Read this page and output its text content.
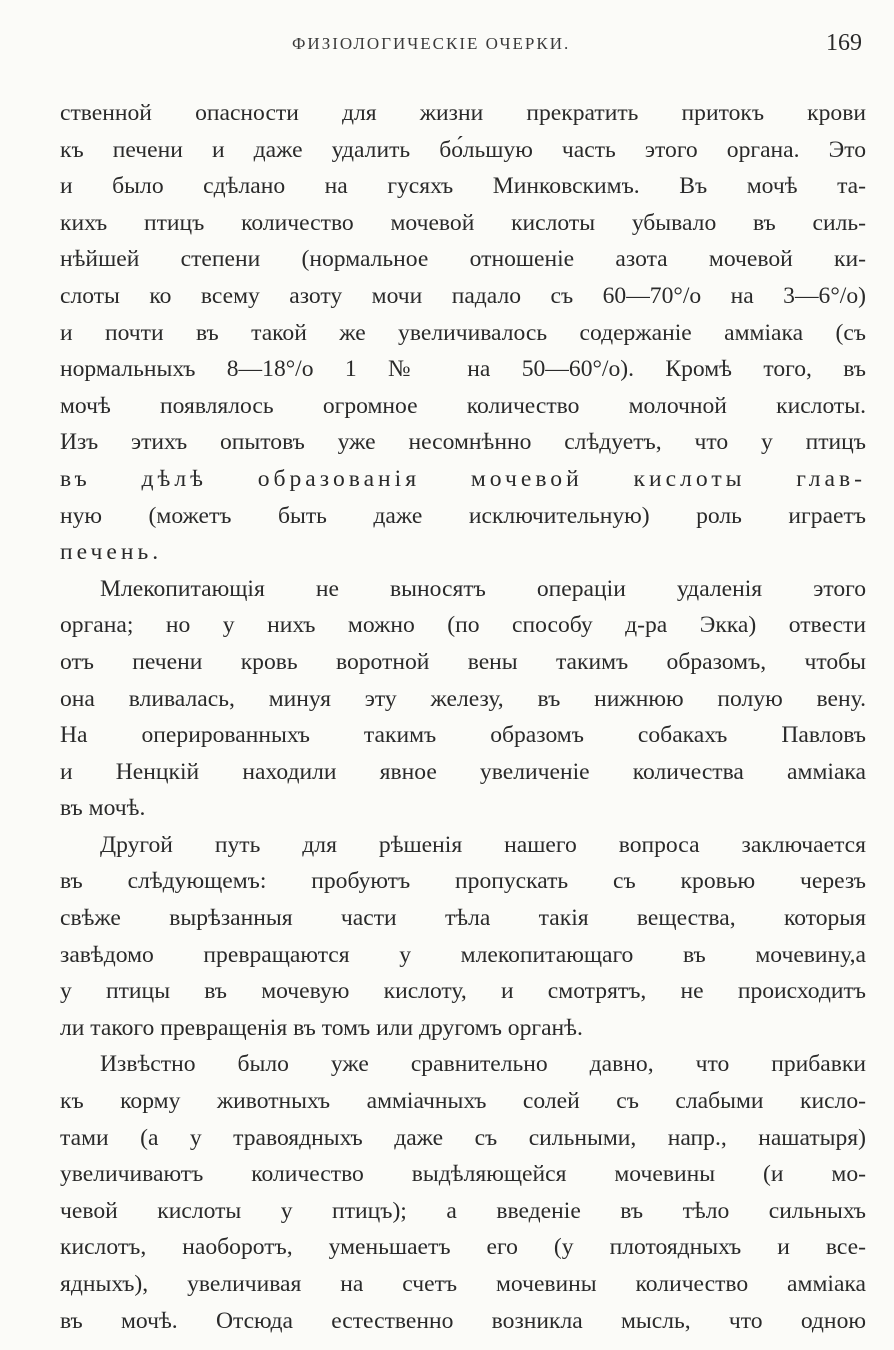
ФИЗIОЛОГИЧЕСКIЕ ОЧЕРКИ.	169
ственной опасности для жизни прекратить притокъ крови
къ печени и даже удалить бо́льшую часть этого органа. Это
и было сдѣлано на гусяхъ Минковскимъ. Въ мочѣ та-
кихъ птицъ количество мочевой кислоты убывало въ силь-
нѣйшей степени (нормальное отношенiе азота мочевой ки-
слоты ко всему азоту мочи падало съ 60—70°/o на 3—6°/o)
и почти въ такой же увеличивалось содержанiе амміака (съ
нормальныхъ 8—18°/o 1 № на 50—60°/o). Кромѣ того, въ
мочѣ появлялось огромное количество молочной кислоты.
Изъ этихъ опытовъ уже несомнѣнно слѣдуетъ, что у птицъ
въ дѣлѣ образованiя мочевой кислоты глав-
ную (можетъ быть даже исключительную) роль играетъ
печень.
Млекопитающiя не выносятъ операцiи удаленiя этого
органа; но у нихъ можно (по способу д-ра Экка) отвести
отъ печени кровь воротной вены такимъ образомъ, чтобы
она вливалась, минуя эту железу, въ нижнюю полую вену.
На оперированныхъ такимъ образомъ собакахъ Павловъ
и Ненцкiй находили явное увеличенiе количества амміака
въ мочѣ.
Другой путь для рѣшенiя нашего вопроса заключается
въ слѣдующемъ: пробуютъ пропускать съ кровью черезъ
свѣже вырѣзанныя части тѣла такiя вещества, которыя
завѣдомо превращаются у млекопитающаго въ мочевину,а
у птицы въ мочевую кислоту, и смотрятъ, не происходитъ
ли такого превращенiя въ томъ или другомъ органѣ.
Извѣстно было уже сравнительно давно, что прибавки
къ корму животныхъ амміачныхъ солей съ слабыми кисло-
тами (а у травоядныхъ даже съ сильными, напр., нашатыря)
увеличиваютъ количество выдѣляющейся мочевины (и мо-
чевой кислоты у птицъ); а введенiе въ тѣло сильныхъ
кислотъ, наоборотъ, уменьшаетъ его (у плотоядныхъ и все-
ядныхъ), увеличивая на счетъ мочевины количество амміака
въ мочѣ. Отсюда естественно возникла мысль, что одною
